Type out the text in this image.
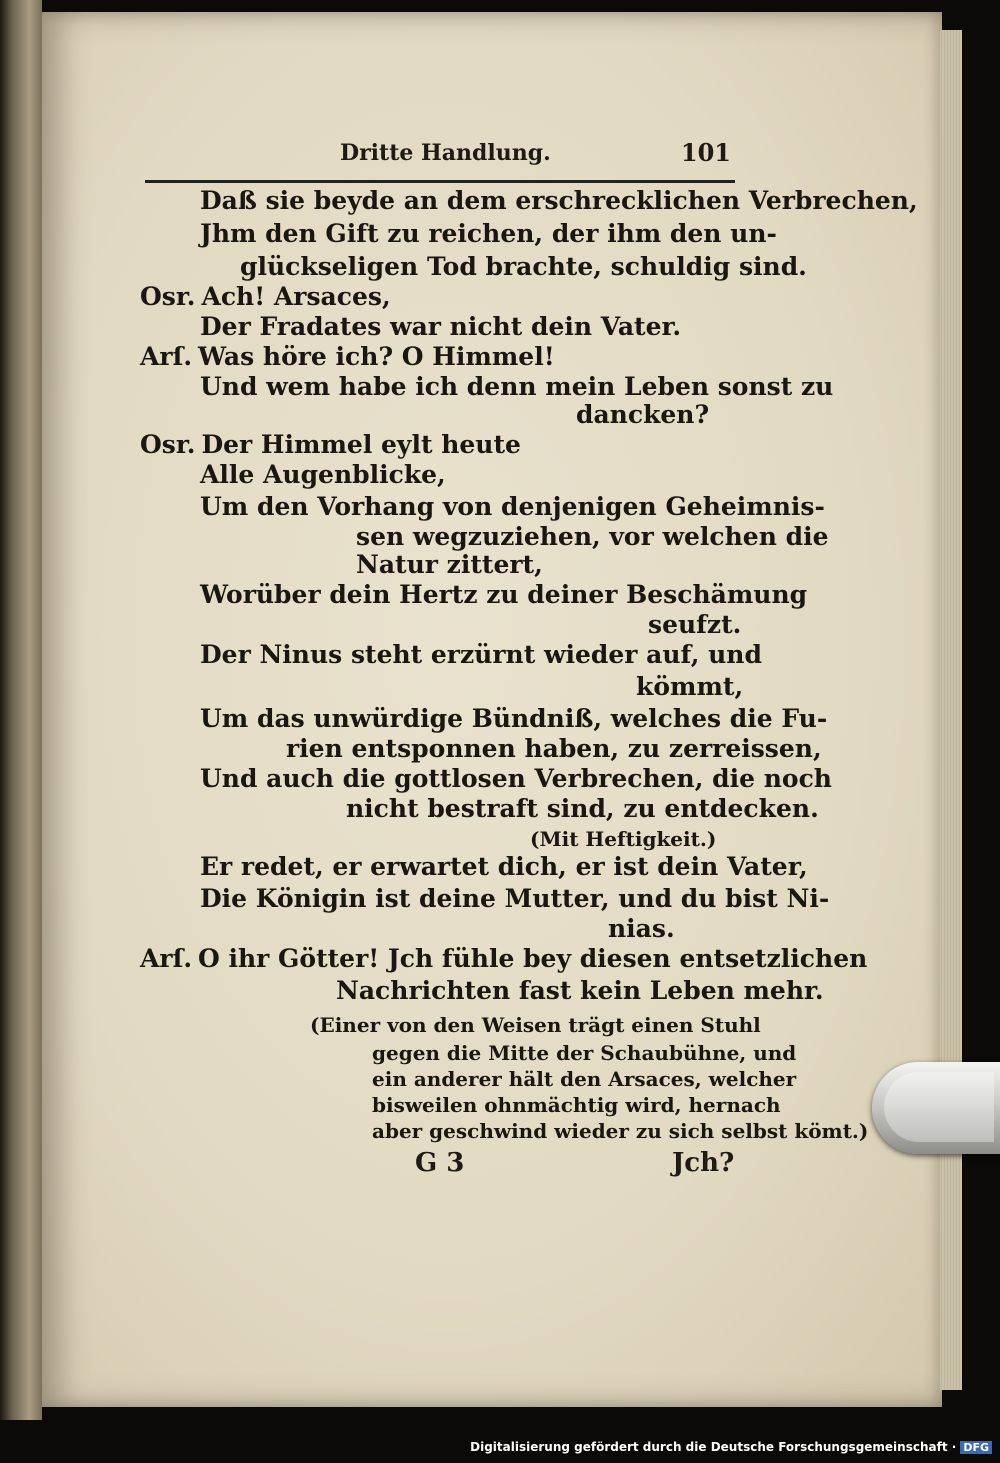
Dritte Handlung.	101
Daß sie beyde an dem erschrecklichen Verbrechen,
Jhm den Gift zu reichen, der ihm den un-
glückseligen Tod brachte, schuldig sind.
Osr. Ach! Arsaces,
Der Fradates war nicht dein Vater.
Arſ. Was höre ich? O Himmel!
Und wem habe ich denn mein Leben sonst zu
dancken?
Osr. Der Himmel eylt heute
Alle Augenblicke,
Um den Vorhang von denjenigen Geheimnis-
sen wegzuziehen, vor welchen die
Natur zittert,
Worüber dein Hertz zu deiner Beschämung
seufzt.
Der Ninus steht erzürnt wieder auf, und
kömmt,
Um das unwürdige Bündniß, welches die Fu-
rien entsponnen haben, zu zerreissen,
Und auch die gottlosen Verbrechen, die noch
nicht bestraft sind, zu entdecken.
(Mit Heftigkeit.)
Er redet, er erwartet dich, er ist dein Vater,
Die Königin ist deine Mutter, und du bist Ni-
nias.
Arſ. O ihr Götter! Jch fühle bey diesen entsetzlichen
Nachrichten fast kein Leben mehr.
(Einer von den Weisen trägt einen Stuhl
gegen die Mitte der Schaubühne, und
ein anderer hält den Arsaces, welcher
bisweilen ohnmächtig wird, hernach
aber geschwind wieder zu sich selbst kömt.)
G 3	Jch?
Digitalisierung gefördert durch die Deutsche Forschungsgemeinschaft · DFG
